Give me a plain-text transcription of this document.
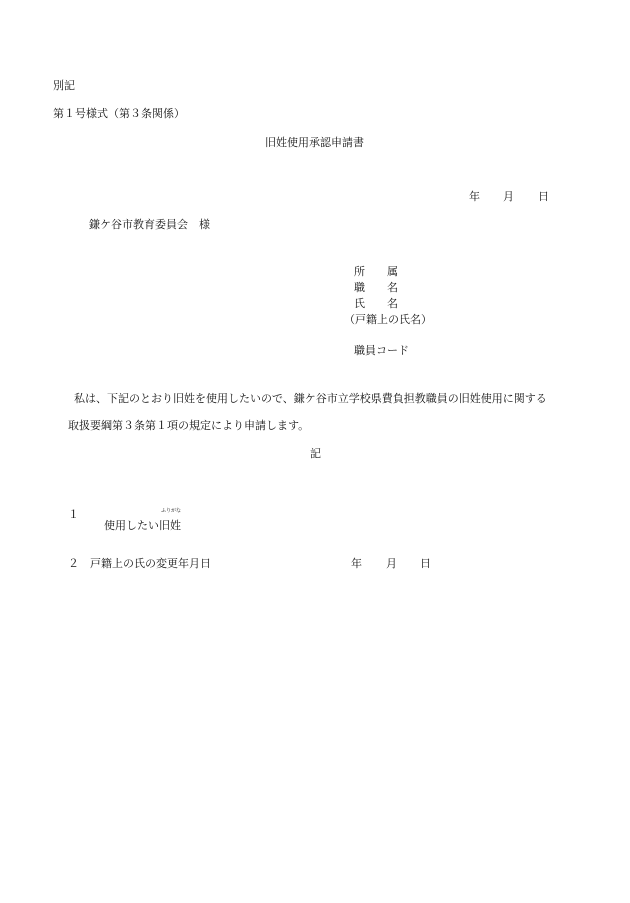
別記
第１号様式（第３条関係）
旧姓使用承認申請書
年 月 日
鎌ケ谷市教育委員会　様
所　　属
職　　名
氏　　名
（戸籍上の氏名）
職員コード
　私は、下記のとおり旧姓を使用したいので、鎌ケ谷市立学校県費負担教職員の旧姓使用に関する
取扱要綱第３条第１項の規定により申請します。
記
１

使用したい
ふりがな
旧姓

２ 戸籍上の氏の変更年月日	年 月 日
